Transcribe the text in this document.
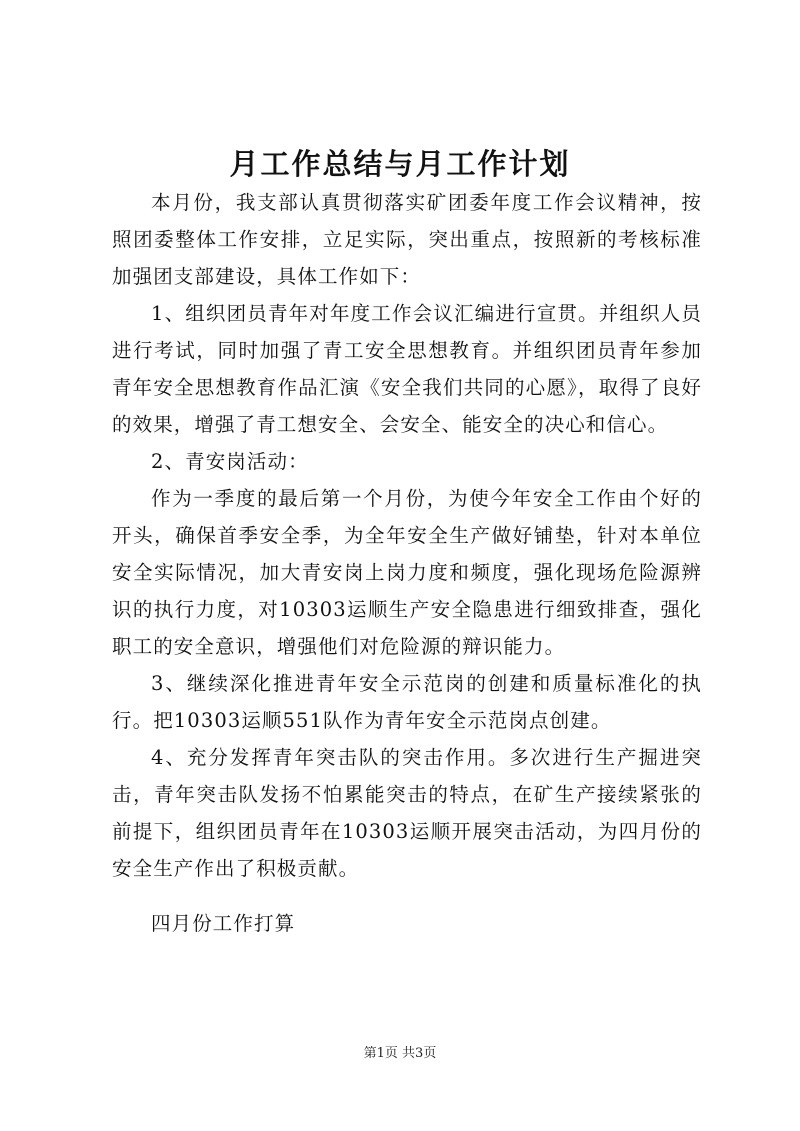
月工作总结与月工作计划

本月份，我支部认真贯彻落实矿团委年度工作会议精神，按照团委整体工作安排，立足实际，突出重点，按照新的考核标准加强团支部建设，具体工作如下：

1、组织团员青年对年度工作会议汇编进行宣贯。并组织人员进行考试，同时加强了青工安全思想教育。并组织团员青年参加青年安全思想教育作品汇演《安全我们共同的心愿》，取得了良好的效果，增强了青工想安全、会安全、能安全的决心和信心。

2、青安岗活动：

作为一季度的最后第一个月份，为使今年安全工作由个好的开头，确保首季安全季，为全年安全生产做好铺垫，针对本单位安全实际情况，加大青安岗上岗力度和频度，强化现场危险源辨识的执行力度，对10303运顺生产安全隐患进行细致排查，强化职工的安全意识，增强他们对危险源的辩识能力。

3、继续深化推进青年安全示范岗的创建和质量标准化的执行。把10303运顺551队作为青年安全示范岗点创建。

4、充分发挥青年突击队的突击作用。多次进行生产掘进突击，青年突击队发扬不怕累能突击的特点，在矿生产接续紧张的前提下，组织团员青年在10303运顺开展突击活动，为四月份的安全生产作出了积极贡献。

四月份工作打算

第1页 共3页
